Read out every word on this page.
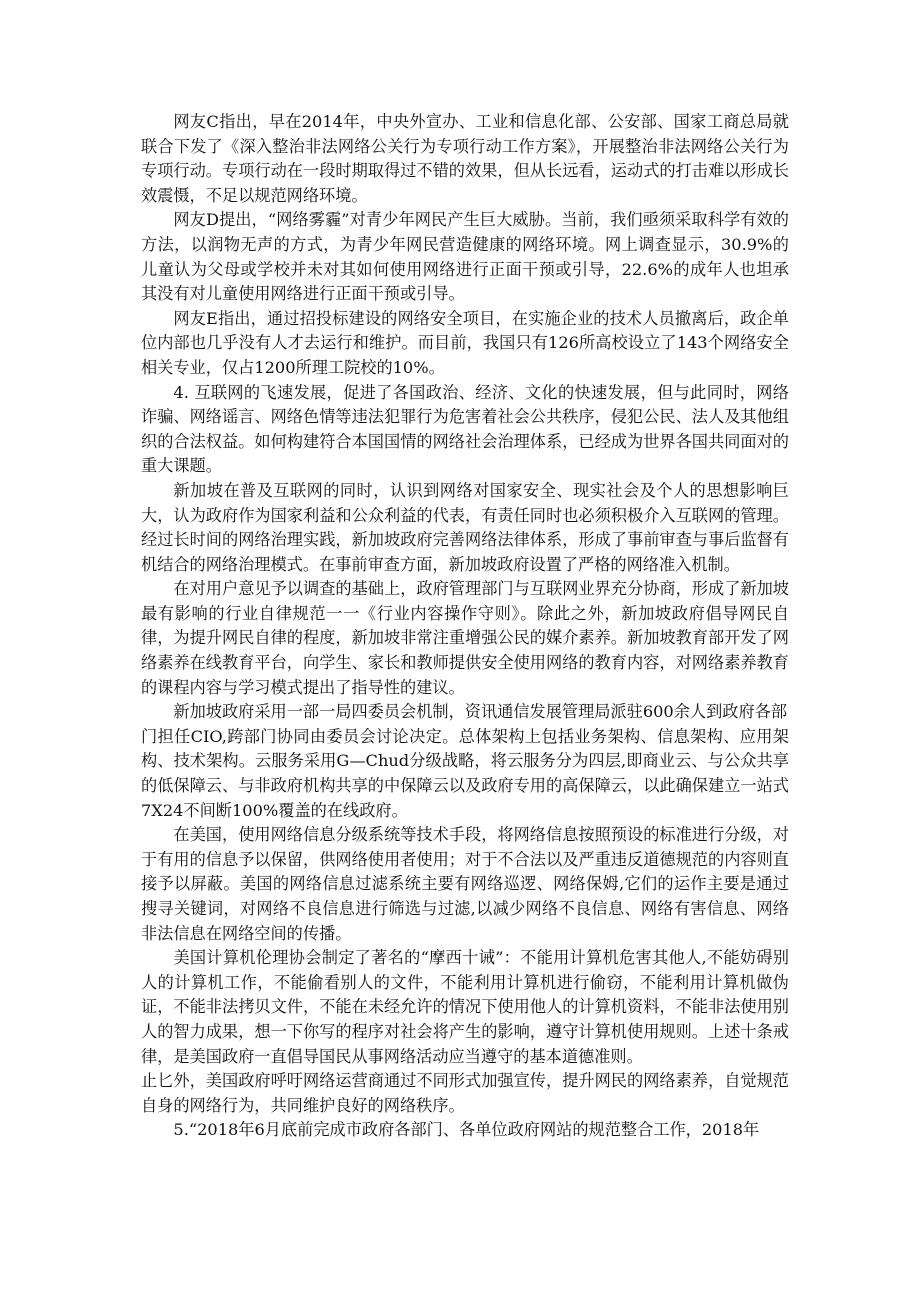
网友C指出，早在2014年，中央外宣办、工业和信息化部、公安部、国家工商总局就联合下发了《深入整治非法网络公关行为专项行动工作方案》，开展整治非法网络公关行为专项行动。专项行动在一段时期取得过不错的效果，但从长远看，运动式的打击难以形成长效震慑，不足以规范网络环境。

网友D提出，“网络雾霾”对青少年网民产生巨大威胁。当前，我们亟须采取科学有效的方法，以润物无声的方式，为青少年网民营造健康的网络环境。网上调查显示，30.9%的儿童认为父母或学校并未对其如何使用网络进行正面干预或引导，22.6%的成年人也坦承其没有对儿童使用网络进行正面干预或引导。

网友E指出，通过招投标建设的网络安全项目，在实施企业的技术人员撤离后，政企单位内部也几乎没有人才去运行和维护。而目前，我国只有126所高校设立了143个网络安全相关专业，仅占1200所理工院校的10%。

4. 互联网的飞速发展，促进了各国政治、经济、文化的快速发展，但与此同时，网络诈骗、网络谣言、网络色情等违法犯罪行为危害着社会公共秩序，侵犯公民、法人及其他组织的合法权益。如何构建符合本国国情的网络社会治理体系，已经成为世界各国共同面对的重大课题。

新加坡在普及互联网的同时，认识到网络对国家安全、现实社会及个人的思想影响巨大，认为政府作为国家利益和公众利益的代表，有责任同时也必须积极介入互联网的管理。经过长时间的网络治理实践，新加坡政府完善网络法律体系，形成了事前审查与事后监督有机结合的网络治理模式。在事前审查方面，新加坡政府设置了严格的网络准入机制。

在对用户意见予以调查的基础上，政府管理部门与互联网业界充分协商，形成了新加坡最有影响的行业自律规范一一《行业内容操作守则》。除此之外，新加坡政府倡导网民自律，为提升网民自律的程度，新加坡非常注重增强公民的媒介素养。新加坡教育部开发了网络素养在线教育平台，向学生、家长和教师提供安全使用网络的教育内容，对网络素养教育的课程内容与学习模式提出了指导性的建议。

新加坡政府采用一部一局四委员会机制，资讯通信发展管理局派驻600余人到政府各部

门担任CIO,跨部门协同由委员会讨论决定。总体架构上包括业务架构、信息架构、应用架构、技术架构。云服务采用G—Chud分级战略，将云服务分为四层,即商业云、与公众共享的低保障云、与非政府机构共享的中保障云以及政府专用的高保障云，以此确保建立一站式7X24不间断100%覆盖的在线政府。

在美国，使用网络信息分级系统等技术手段，将网络信息按照预设的标准进行分级，对于有用的信息予以保留，供网络使用者使用；对于不合法以及严重违反道德规范的内容则直接予以屏蔽。美国的网络信息过滤系统主要有网络巡逻、网络保姆,它们的运作主要是通过搜寻关键词，对网络不良信息进行筛选与过滤,以减少网络不良信息、网络有害信息、网络非法信息在网络空间的传播。

美国计算机伦理协会制定了著名的“摩西十诫”：不能用计算机危害其他人,不能妨碍别人的计算机工作，不能偷看别人的文件，不能利用计算机进行偷窃，不能利用计算机做伪证，不能非法拷贝文件，不能在未经允许的情况下使用他人的计算机资料，不能非法使用别人的智力成果，想一下你写的程序对社会将产生的影响，遵守计算机使用规则。上述十条戒律，是美国政府一直倡导国民从事网络活动应当遵守的基本道德准则。

止匕外，美国政府呼吁网络运营商通过不同形式加强宣传，提升网民的网络素养，自觉规范自身的网络行为，共同维护良好的网络秩序。

5.“2018年6月底前完成市政府各部门、各单位政府网站的规范整合工作，2018年
